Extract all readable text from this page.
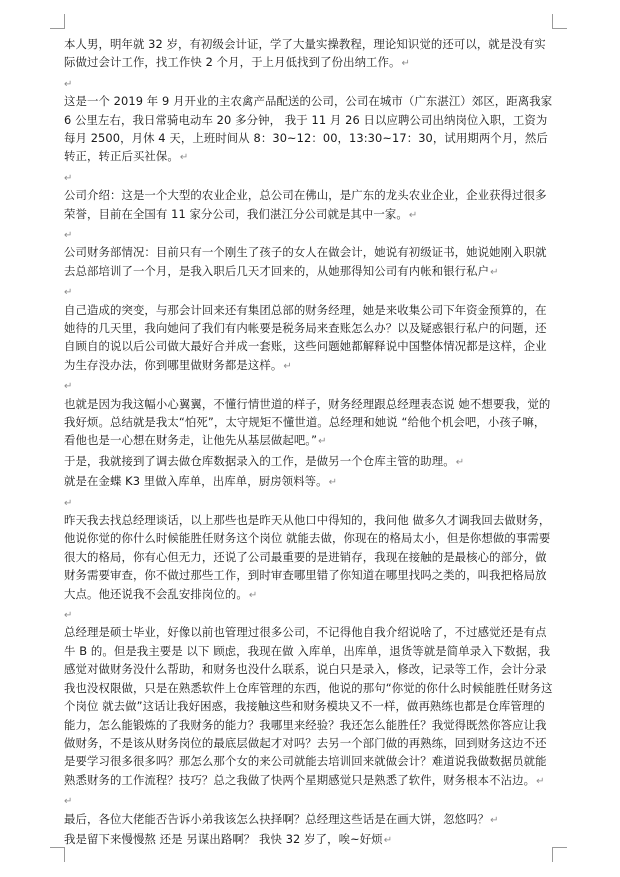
本人男，明年就 32 岁，有初级会计证，学了大量实操教程，理论知识觉的还可以，就是没有实际做过会计工作，找工作快 2 个月，于上月低找到了份出纳工作。↵

↵

这是一个 2019 年 9 月开业的主农禽产品配送的公司，公司在城市（广东湛江）郊区，距离我家 6 公里左右，我日常骑电动车 20 多分钟， 我于 11 月 26 日以应聘公司出纳岗位入职，工资为每月 2500，月休 4 天，上班时间从 8：30~12：00，13:30~17：30，试用期两个月，然后转正，转正后买社保。↵

↵

公司介绍：这是一个大型的农业企业，总公司在佛山，是广东的龙头农业企业，企业获得过很多荣誉，目前在全国有 11 家分公司，我们湛江分公司就是其中一家。↵

↵

公司财务部情况：目前只有一个刚生了孩子的女人在做会计，她说有初级证书，她说她刚入职就去总部培训了一个月，是我入职后几天才回来的，从她那得知公司有内帐和银行私户↵

↵

自己造成的突变，与那会计回来还有集团总部的财务经理，她是来收集公司下年资金预算的，在她待的几天里，我向她问了我们有内帐要是税务局来查账怎么办？以及疑惑银行私户的问题，还自顾自的说以后公司做大最好合并成一套账，这些问题她都解释说中国整体情况都是这样，企业为生存没办法，你到哪里做财务都是这样。↵

↵

也就是因为我这幅小心翼翼，不懂行情世道的样子，财务经理跟总经理表态说 她不想要我，觉的我好烦。总结就是我太“怕死”，太守规矩不懂世道。总经理和她说 “给他个机会吧，小孩子嘛，看他也是一心想在财务走，让他先从基层做起吧。”↵

于是，我就接到了调去做仓库数据录入的工作，是做另一个仓库主管的助理。↵

就是在金蝶 K3 里做入库单，出库单，厨房领料等。↵

↵

昨天我去找总经理谈话，以上那些也是昨天从他口中得知的，我问他 做多久才调我回去做财务，他说你觉的你什么时候能胜任财务这个岗位 就能去做，你现在的格局太小，但是你想做的事需要很大的格局，你有心但无力，还说了公司最重要的是进销存，我现在接触的是最核心的部分，做财务需要审查，你不做过那些工作，到时审查哪里错了你知道在哪里找吗之类的，叫我把格局放大点。他还说我不会乱安排岗位的。↵

↵

总经理是硕士毕业，好像以前也管理过很多公司，不记得他自我介绍说啥了，不过感觉还是有点牛 B 的。但是我主要是 以下 顾虑，我现在做 入库单，出库单，退货等就是简单录入下数据，我感觉对做财务没什么帮助，和财务也没什么联系，说白只是录入，修改，记录等工作，会计分录我也没权限做，只是在熟悉软件上仓库管理的东西，他说的那句“你觉的你什么时候能胜任财务这个岗位 就去做”这话让我好困惑，我接触这些和财务模块又不一样，做再熟练也都是仓库管理的能力，怎么能锻炼的了我财务的能力？我哪里来经验？我还怎么能胜任？我觉得既然你答应让我做财务，不是该从财务岗位的最底层做起才对吗？去另一个部门做的再熟练，回到财务这边不还是要学习很多很多吗？那怎么那个女的来公司就能去培训回来就做会计？难道说我做数据员就能熟悉财务的工作流程？技巧？总之我做了快两个星期感觉只是熟悉了软件，财务根本不沾边。↵

↵

最后，各位大佬能否告诉小弟我该怎么抉择啊？总经理这些话是在画大饼，忽悠吗？↵

我是留下来慢慢熬 还是 另谋出路啊？ 我快 32 岁了，唉~好烦↵
